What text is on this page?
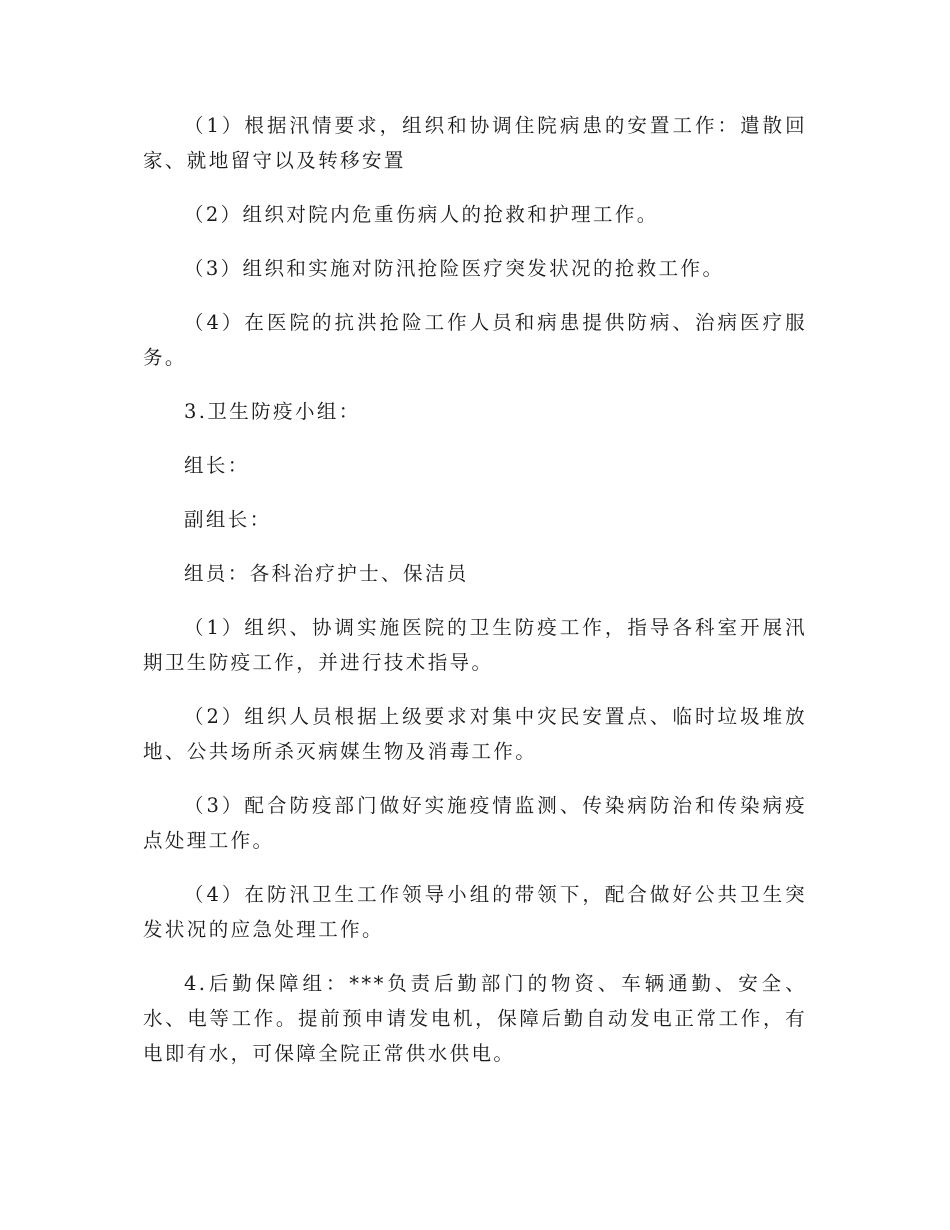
（1）根据汛情要求，组织和协调住院病患的安置工作：遣散回家、就地留守以及转移安置

（2）组织对院内危重伤病人的抢救和护理工作。

（3）组织和实施对防汛抢险医疗突发状况的抢救工作。

（4）在医院的抗洪抢险工作人员和病患提供防病、治病医疗服务。

3.卫生防疫小组：

组长：

副组长：

组员：各科治疗护士、保洁员

（1）组织、协调实施医院的卫生防疫工作，指导各科室开展汛期卫生防疫工作，并进行技术指导。

（2）组织人员根据上级要求对集中灾民安置点、临时垃圾堆放地、公共场所杀灭病媒生物及消毒工作。

（3）配合防疫部门做好实施疫情监测、传染病防治和传染病疫点处理工作。

（4）在防汛卫生工作领导小组的带领下，配合做好公共卫生突发状况的应急处理工作。

4.后勤保障组：***负责后勤部门的物资、车辆通勤、安全、水、电等工作。提前预申请发电机，保障后勤自动发电正常工作，有电即有水，可保障全院正常供水供电。
